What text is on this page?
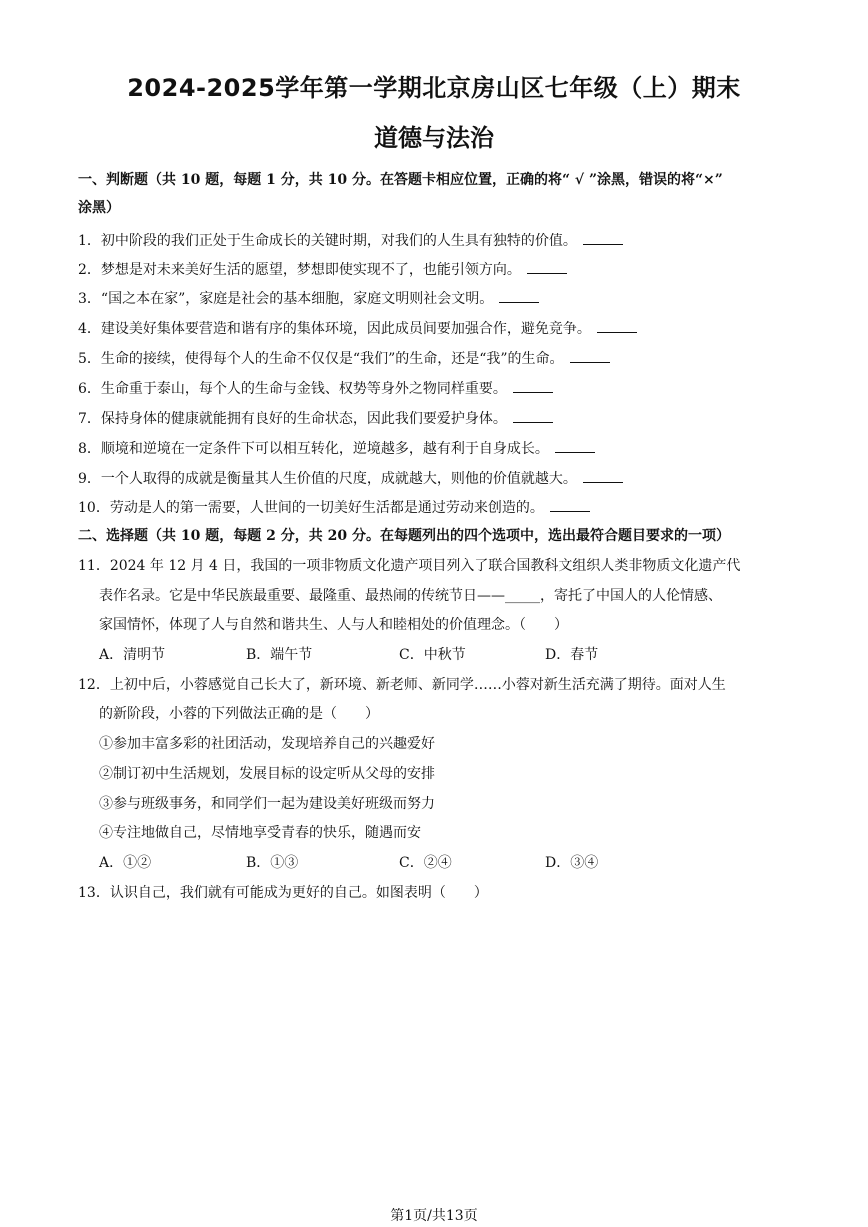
2024-2025学年第一学期北京房山区七年级（上）期末
道德与法治
一、判断题（共 10 题，每题 1 分，共 10 分。在答题卡相应位置，正确的将“ √ ”涂黑，错误的将“×”
涂黑）
1．初中阶段的我们正处于生命成长的关键时期，对我们的人生具有独特的价值。
2．梦想是对未来美好生活的愿望，梦想即使实现不了，也能引领方向。
3．“国之本在家”，家庭是社会的基本细胞，家庭文明则社会文明。
4．建设美好集体要营造和谐有序的集体环境，因此成员间要加强合作，避免竞争。
5．生命的接续，使得每个人的生命不仅仅是“我们”的生命，还是“我”的生命。
6．生命重于泰山，每个人的生命与金钱、权势等身外之物同样重要。
7．保持身体的健康就能拥有良好的生命状态，因此我们要爱护身体。
8．顺境和逆境在一定条件下可以相互转化，逆境越多，越有利于自身成长。
9．一个人取得的成就是衡量其人生价值的尺度，成就越大，则他的价值就越大。
10．劳动是人的第一需要，人世间的一切美好生活都是通过劳动来创造的。
二、选择题（共 10 题，每题 2 分，共 20 分。在每题列出的四个选项中，选出最符合题目要求的一项）
11．2024 年 12 月 4 日，我国的一项非物质文化遗产项目列入了联合国教科文组织人类非物质文化遗产代
表作名录。它是中华民族最重要、最隆重、最热闹的传统节日——_____，寄托了中国人的人伦情感、
家国情怀，体现了人与自然和谐共生、人与人和睦相处的价值理念。（　　）
A．清明节	B．端午节	C．中秋节	D．春节
12．上初中后，小蓉感觉自己长大了，新环境、新老师、新同学……小蓉对新生活充满了期待。面对人生
的新阶段，小蓉的下列做法正确的是（　　）
①参加丰富多彩的社团活动，发现培养自己的兴趣爱好
②制订初中生活规划，发展目标的设定听从父母的安排
③参与班级事务，和同学们一起为建设美好班级而努力
④专注地做自己，尽情地享受青春的快乐，随遇而安
A．①②	B．①③	C．②④	D．③④
13．认识自己，我们就有可能成为更好的自己。如图表明（　　）
第1页/共13页
